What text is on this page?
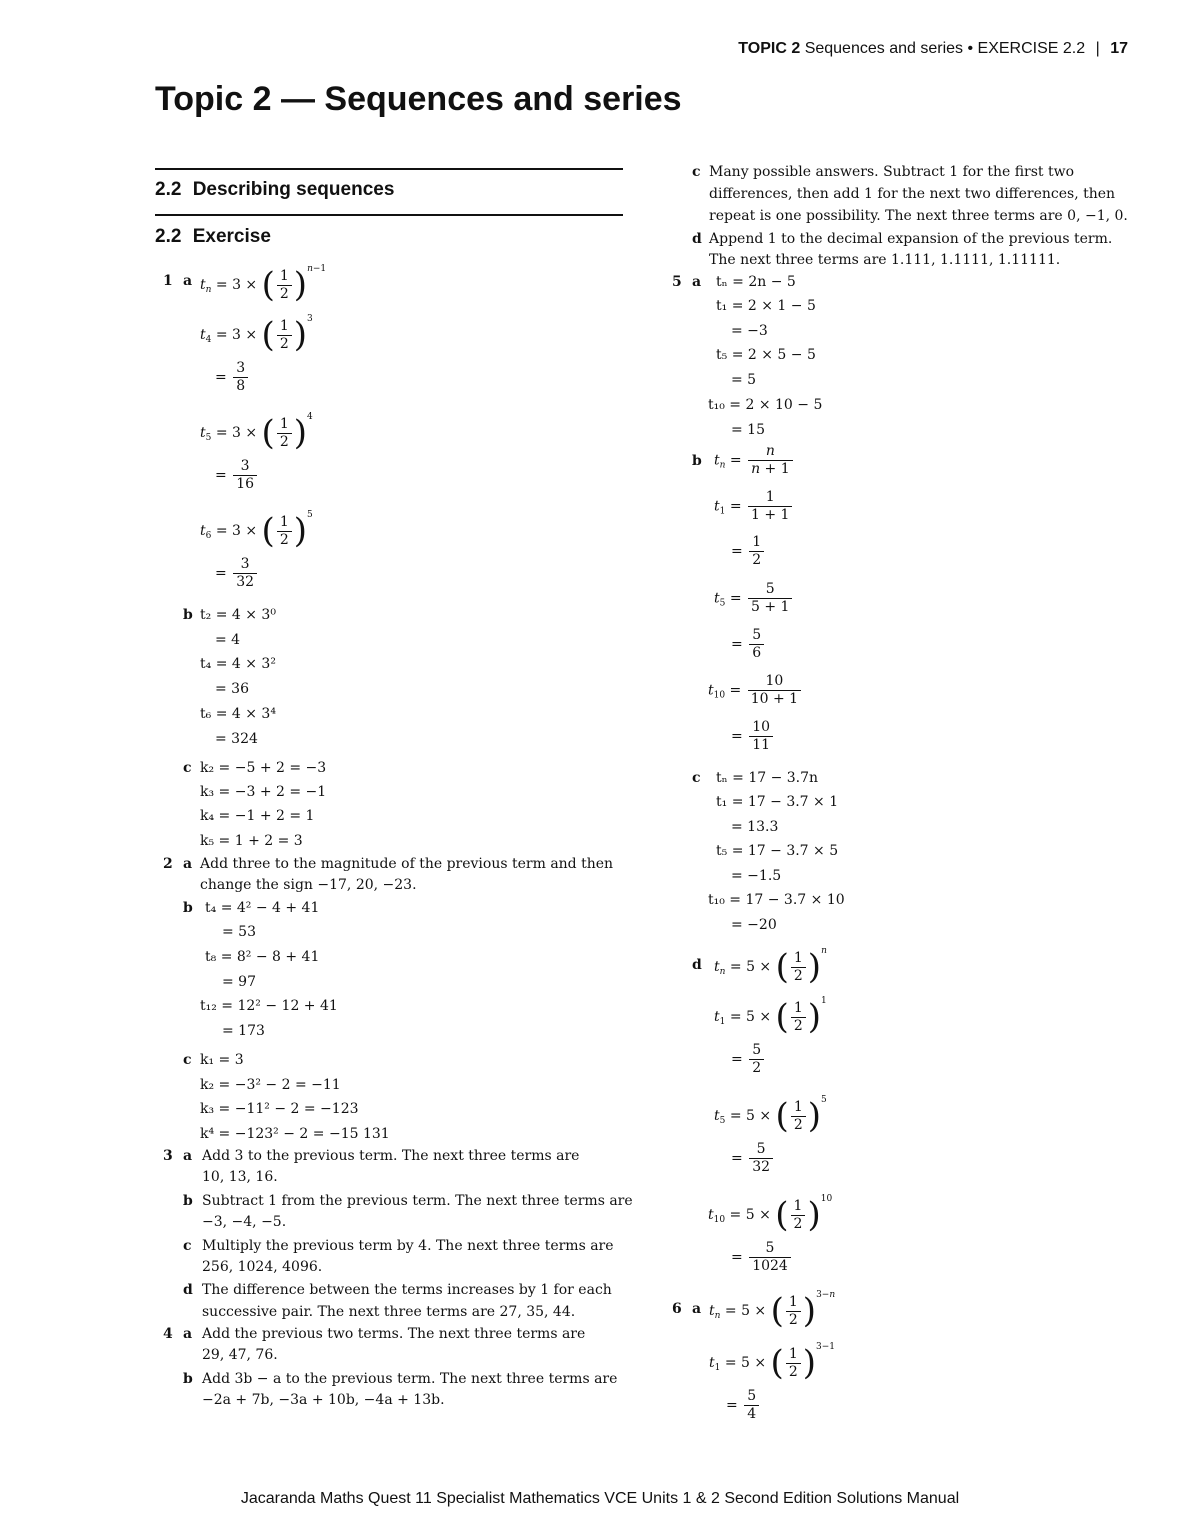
TOPIC 2 Sequences and series • EXERCISE 2.2 | 17
Topic 2 — Sequences and series
2.2 Describing sequences
2.2 Exercise
1 a $t_n = 3$ × ( $\frac{1}{2}$ ) $^{n-1}$
$t_4 = 3$ × ( $\frac{1}{2}$ ) $^3$
= $\frac{3}{8}$
$t_5 = 3$ × ( $\frac{1}{2}$ ) $^4$
= $\frac{3}{16}$
$t_6 = 3$ × ( $\frac{1}{2}$ ) $^5$
= $\frac{3}{32}$
b t₂ = 4 × 3⁰
= 4
t₄ = 4 × 3²
= 36
t₆ = 4 × 3⁴
= 324
c k₂ = −5 + 2 = −3
k₃ = −3 + 2 = −1
k₄ = −1 + 2 = 1
k₅ = 1 + 2 = 3
2 a Add three to the magnitude of the previous term and then
change the sign −17, 20, −23.
b t₄ = 4² − 4 + 41
= 53
t₈ = 8² − 8 + 41
= 97
t₁₂ = 12² − 12 + 41
= 173
c k₁ = 3
k₂ = −3² − 2 = −11
k₃ = −11² − 2 = −123
k⁴ = −123² − 2 = −15 131
3 a Add 3 to the previous term. The next three terms are
10, 13, 16.
b Subtract 1 from the previous term. The next three terms are
−3, −4, −5.
c Multiply the previous term by 4. The next three terms are
256, 1024, 4096.
d The difference between the terms increases by 1 for each
successive pair. The next three terms are 27, 35, 44.
4 a Add the previous two terms. The next three terms are
29, 47, 76.
b Add 3b − a to the previous term. The next three terms are
−2a + 7b, −3a + 10b, −4a + 13b.
c Many possible answers. Subtract 1 for the first two
differences, then add 1 for the next two differences, then
repeat is one possibility. The next three terms are 0, −1, 0.
d Append 1 to the decimal expansion of the previous term.
The next three terms are 1.111, 1.1111, 1.11111.
5 a tₙ = 2n − 5
t₁ = 2 × 1 − 5
= −3
t₅ = 2 × 5 − 5
= 5
t₁₀ = 2 × 10 − 5
= 15
b $t_n = \frac{n}{n + 1}$
$t_1 = \frac{1}{1 + 1}$
= $\frac{1}{2}$
$t_5 = \frac{5}{5 + 1}$
= $\frac{5}{6}$
$t_{10} = \frac{10}{10 + 1}$
= $\frac{10}{11}$
c tₙ = 17 − 3.7n
t₁ = 17 − 3.7 × 1
= 13.3
t₅ = 17 − 3.7 × 5
= −1.5
t₁₀ = 17 − 3.7 × 10
= −20
d $t_n = 5$ × ( $\frac{1}{2}$ ) $^n$
$t_1 = 5$ × ( $\frac{1}{2}$ ) $^1$
= $\frac{5}{2}$
$t_5 = 5$ × ( $\frac{1}{2}$ ) $^5$
= $\frac{5}{32}$
$t_{10} = 5$ × ( $\frac{1}{2}$ ) $^{10}$
= $\frac{5}{1024}$
6 a $t_n = 5$ × ( $\frac{1}{2}$ ) $^{3-n}$
$t_1 = 5$ × ( $\frac{1}{2}$ ) $^{3-1}$
= $\frac{5}{4}$
Jacaranda Maths Quest 11 Specialist Mathematics VCE Units 1 & 2 Second Edition Solutions Manual
